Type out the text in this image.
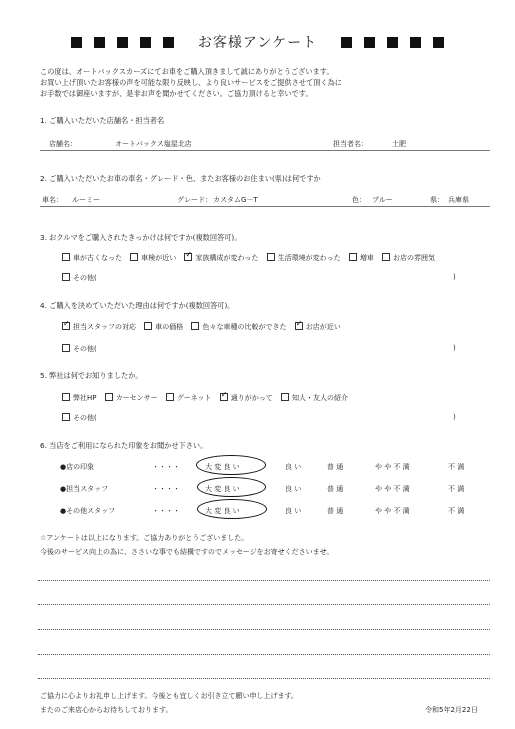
お客様アンケート
この度は、オートバックスカーズにてお車をご購入頂きまして誠にありがとうございます。
お買い上げ頂いたお客様の声を可能な限り反映し、より良いサービスをご提供させて頂く為に
お手数では御座いますが、是非お声を聞かせてください。ご協力頂けると幸いです。
1. ご購入いただいた店舗名・担当者名
店舗名：	オートバックス塩屋北店	担当者名：	土肥
2. ご購入いただいたお車の車名・グレード・色、またお客様のお住まい(県)は何ですか
車名： ルーミー	グレード： カスタムG－T	色： ブルー	県： 兵庫県
3. おクルマをご購入されたきっかけは何ですか(複数回答可)。
車が古くなった	車検が近い ✓	家族構成が変わった	生活環境が変わった	増車	お店の雰囲気
その他(	)
4. ご購入を決めていただいた理由は何ですか(複数回答可)。
✓担当スタッフの対応	車の価格	色々な車種の比較ができた ✓	お店が近い
その他(	)
5. 弊社は何でお知りましたか。
弊社HP	カーセンサー	グーネット ✓	通りがかって	知人・友人の紹介
その他(	)
6. 当店をご利用になられた印象をお聞かせ下さい。
●店の印象	・・・・	大 変 良 い	良 い	普 通	や や 不 満	不 満
●担当スタッフ	・・・・	大 変 良 い	良 い	普 通	や や 不 満	不 満
●その他スタッフ	・・・・	大 変 良 い	良 い	普 通	や や 不 満	不 満
☆アンケートは以上になります。ご協力ありがとうございました。
今後のサービス向上の為に、ささいな事でも結構ですのでメッセージをお寄せくださいませ。
ご協力に心よりお礼申し上げます。今後とも宜しくお引き立て願い申し上げます。
またのご来店心からお待ちしております。	令和5年2月22日
